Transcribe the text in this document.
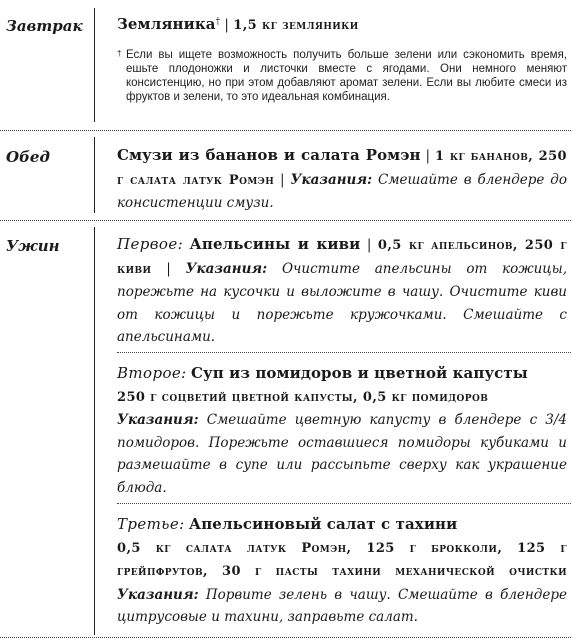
Завтрак Земляника† | 1,5 кг земляники
† Если вы ищете возможность получить больше зелени или сэкономить время, ешьте плодоножки и листочки вместе с ягодами. Они немного меняют консистенцию, но при этом добавляют аромат зелени. Если вы любите смеси из фруктов и зелени, то это идеальная комбинация.
Обед	Смузи из бананов и салата Ромэн | 1 кг бананов, 250 г салата латук Ромэн | Указания: Смешайте в блендере до консистенции смузи.
Ужин	Первое: Апельсины и киви | 0,5 кг апельсинов, 250 г киви | Указания: Очистите апельсины от кожицы, порежьте на кусочки и выложите в чашу. Очистите киви от кожицы и порежьте кружочками. Смешайте с апельсинами.
Второе: Суп из помидоров и цветной капусты
250 г соцветий цветной капусты, 0,5 кг помидоров
Указания: Смешайте цветную капусту в блендере с 3/4 помидоров. Порежьте оставшиеся помидоры кубиками и размешайте в супе или рассыпьте сверху как украшение блюда.
Третье: Апельсиновый салат с тахини
0,5 кг салата латук Ромэн, 125 г брокколи, 125 г грейпфрутов, 30 г пасты тахини механической очистки Указания: Порвите зелень в чашу. Смешайте в блендере цитрусовые и тахини, заправьте салат.
